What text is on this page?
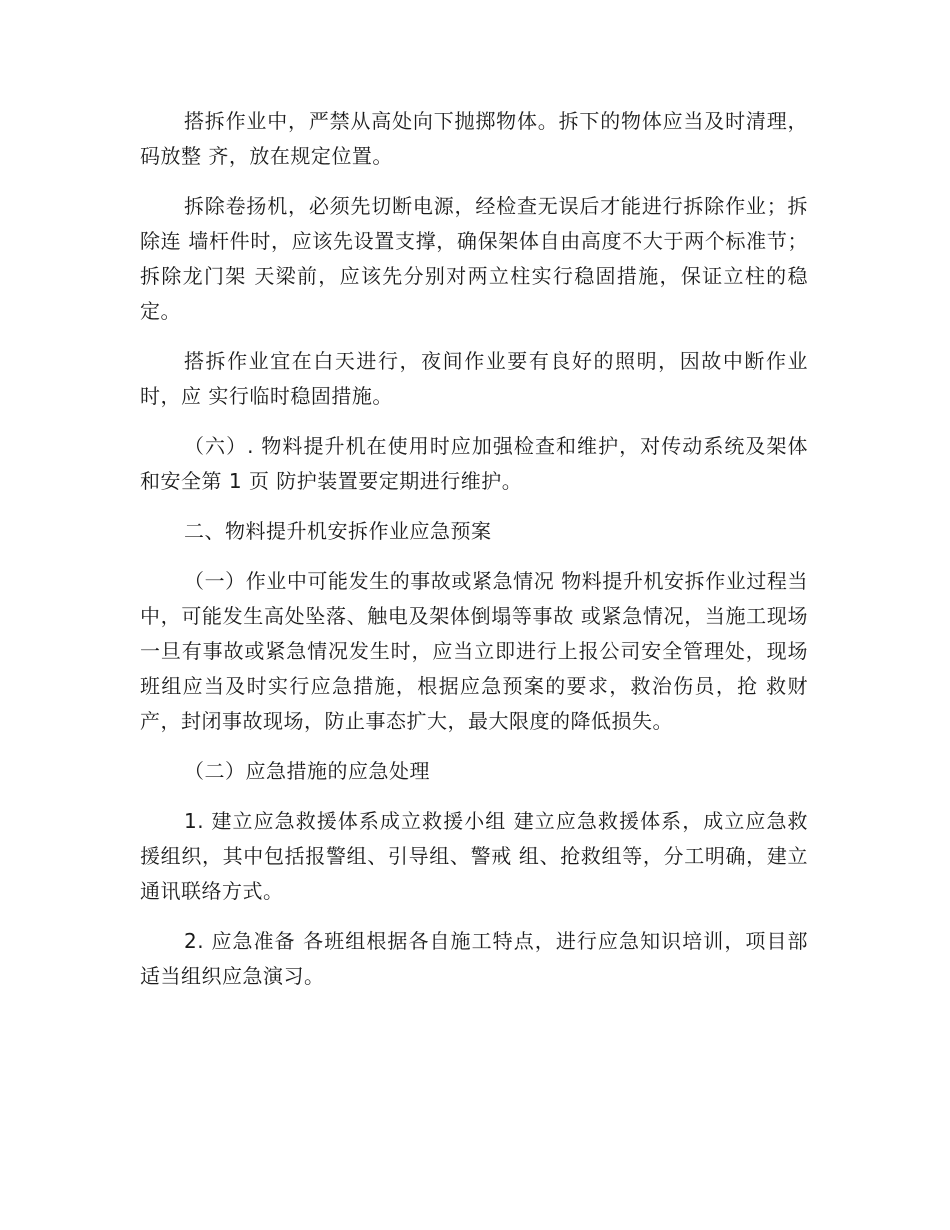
搭拆作业中，严禁从高处向下抛掷物体。拆下的物体应当及时清理，码放整 齐，放在规定位置。

拆除卷扬机，必须先切断电源，经检查无误后才能进行拆除作业；拆除连 墙杆件时，应该先设置支撑，确保架体自由高度不大于两个标准节；拆除龙门架 天梁前，应该先分别对两立柱实行稳固措施，保证立柱的稳定。

搭拆作业宜在白天进行，夜间作业要有良好的照明，因故中断作业时，应 实行临时稳固措施。

（六）. 物料提升机在使用时应加强检查和维护，对传动系统及架体和安全第 1 页 防护装置要定期进行维护。

二、物料提升机安拆作业应急预案

（一）作业中可能发生的事故或紧急情况 物料提升机安拆作业过程当中，可能发生高处坠落、触电及架体倒塌等事故 或紧急情况，当施工现场一旦有事故或紧急情况发生时，应当立即进行上报公司安全管理处，现场班组应当及时实行应急措施，根据应急预案的要求，救治伤员，抢 救财产，封闭事故现场，防止事态扩大，最大限度的降低损失。

（二）应急措施的应急处理

1. 建立应急救援体系成立救援小组 建立应急救援体系，成立应急救援组织，其中包括报警组、引导组、警戒 组、抢救组等，分工明确，建立通讯联络方式。

2. 应急准备 各班组根据各自施工特点，进行应急知识培训，项目部适当组织应急演习。
